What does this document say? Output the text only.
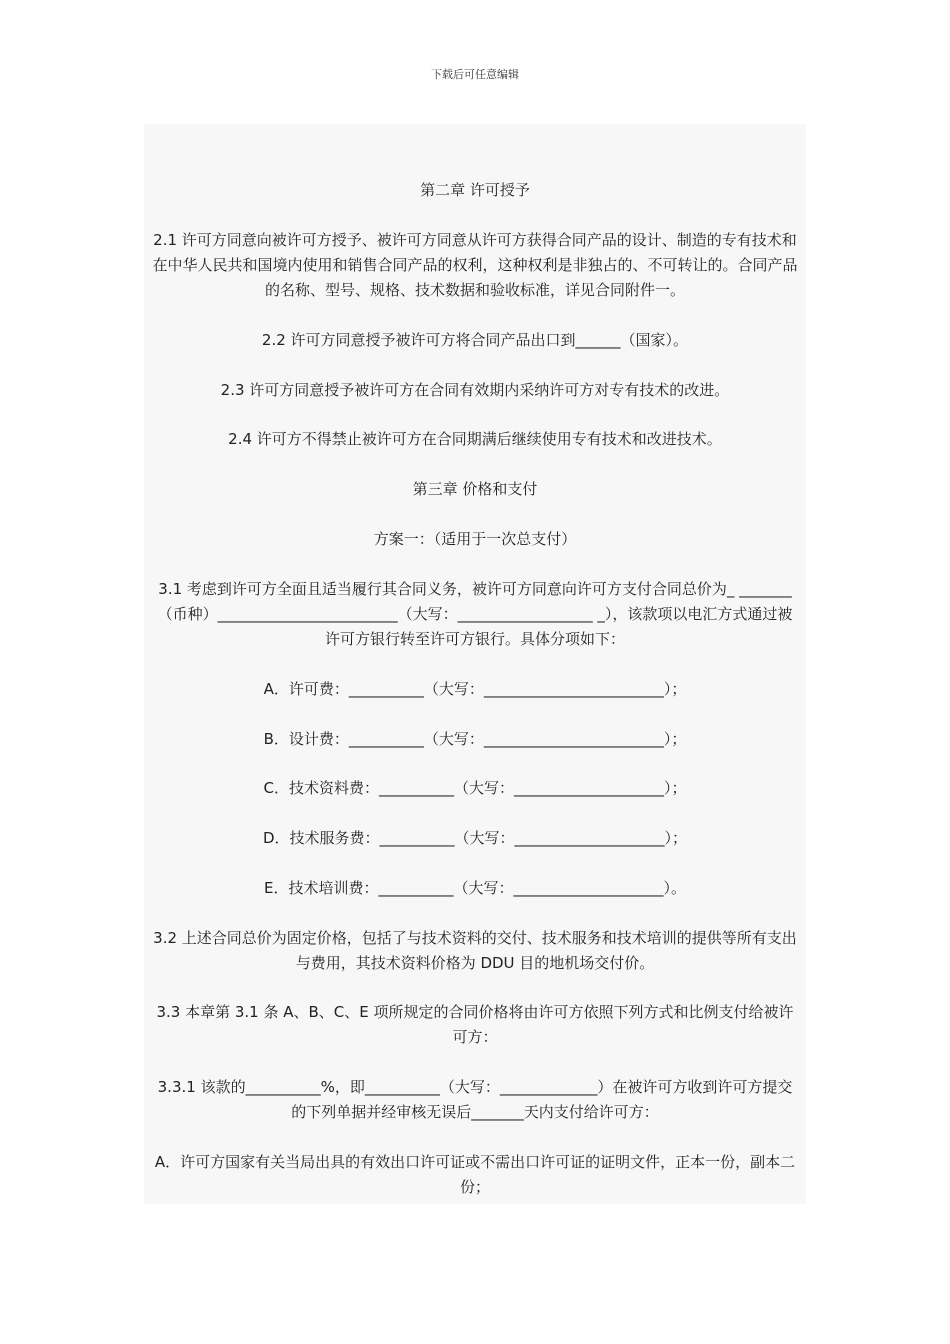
下载后可任意编辑
第二章 许可授予
2.1 许可方同意向被许可方授予、被许可方同意从许可方获得合同产品的设计、制造的专有技术和在中华人民共和国境内使用和销售合同产品的权利，这种权利是非独占的、不可转让的。合同产品的名称、型号、规格、技术数据和验收标准，详见合同附件一。
2.2 许可方同意授予被许可方将合同产品出口到______（国家）。
2.3 许可方同意授予被许可方在合同有效期内采纳许可方对专有技术的改进。
2.4 许可方不得禁止被许可方在合同期满后继续使用专有技术和改进技术。
第三章 价格和支付
方案一：（适用于一次总支付）
3.1 考虑到许可方全面且适当履行其合同义务，被许可方同意向许可方支付合同总价为_ _______（币种）________________________（大写：__________________ _），该款项以电汇方式通过被许可方银行转至许可方银行。具体分项如下：
A．许可费：__________（大写：________________________）；
B．设计费：__________（大写：________________________）；
C．技术资料费：__________（大写：____________________）；
D．技术服务费：__________（大写：____________________）；
E．技术培训费：__________（大写：____________________）。
3.2 上述合同总价为固定价格，包括了与技术资料的交付、技术服务和技术培训的提供等所有支出与费用，其技术资料价格为 DDU 目的地机场交付价。
3.3 本章第 3.1 条 A、B、C、E 项所规定的合同价格将由许可方依照下列方式和比例支付给被许可方：
3.3.1 该款的__________%，即__________（大写：_____________）在被许可方收到许可方提交的下列单据并经审核无误后_______天内支付给许可方：
A．许可方国家有关当局出具的有效出口许可证或不需出口许可证的证明文件，正本一份，副本二份；
